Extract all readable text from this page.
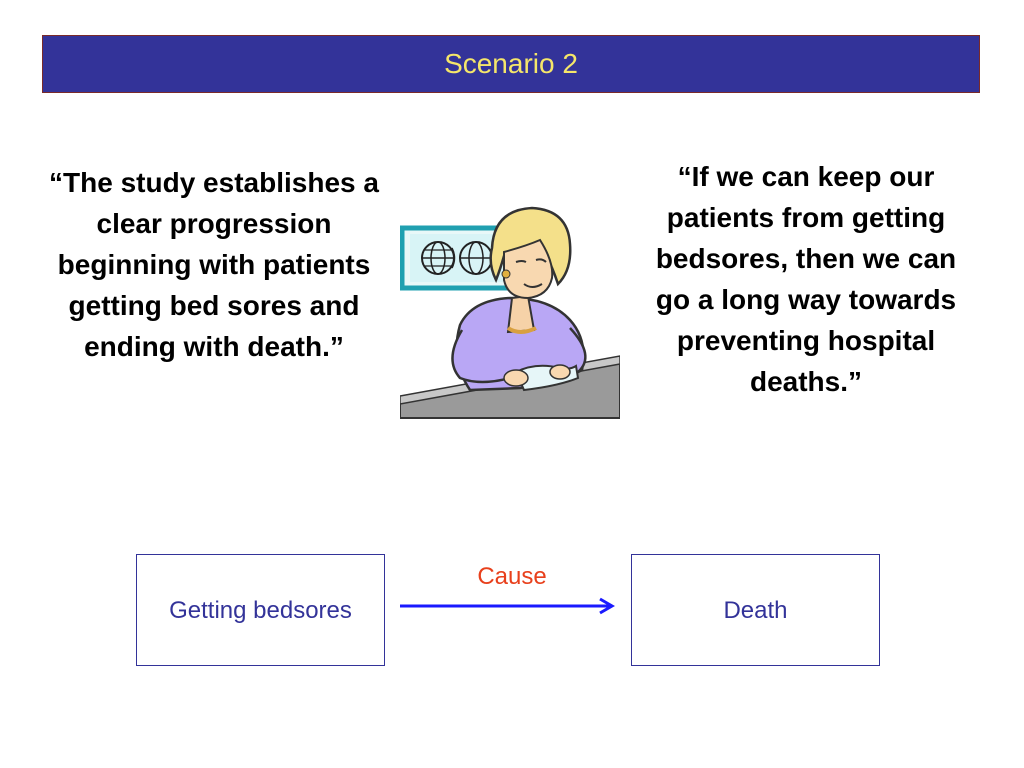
Scenario 2
“The study establishes a clear progression beginning with patients getting bed sores and ending with death.”
“If we can keep our patients from getting bedsores, then we can go a long way towards preventing hospital deaths.”
Getting bedsores
Cause
Death
